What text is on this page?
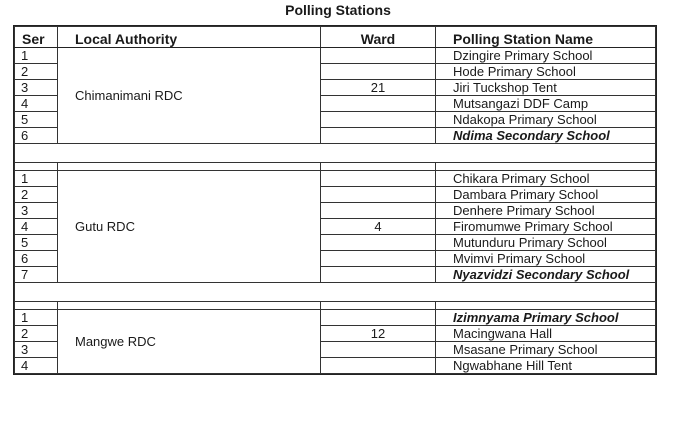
Polling Stations
Ser	Local Authority	Ward	Polling Station Name
1	Chimanimani RDC		Dzingire Primary School
2			Hode Primary School
3		21	Jiri Tuckshop Tent
4			Mutsangazi DDF Camp
5			Ndakopa Primary School
6			Ndima Secondary School

1	Gutu RDC		Chikara Primary School
2			Dambara Primary School
3			Denhere Primary School
4		4	Firomumwe Primary School
5			Mutunduru Primary School
6			Mvimvi Primary School
7			Nyazvidzi Secondary School

1	Mangwe RDC		Izimnyama Primary School
2		12	Macingwana Hall
3			Msasane Primary School
4			Ngwabhane Hill Tent
